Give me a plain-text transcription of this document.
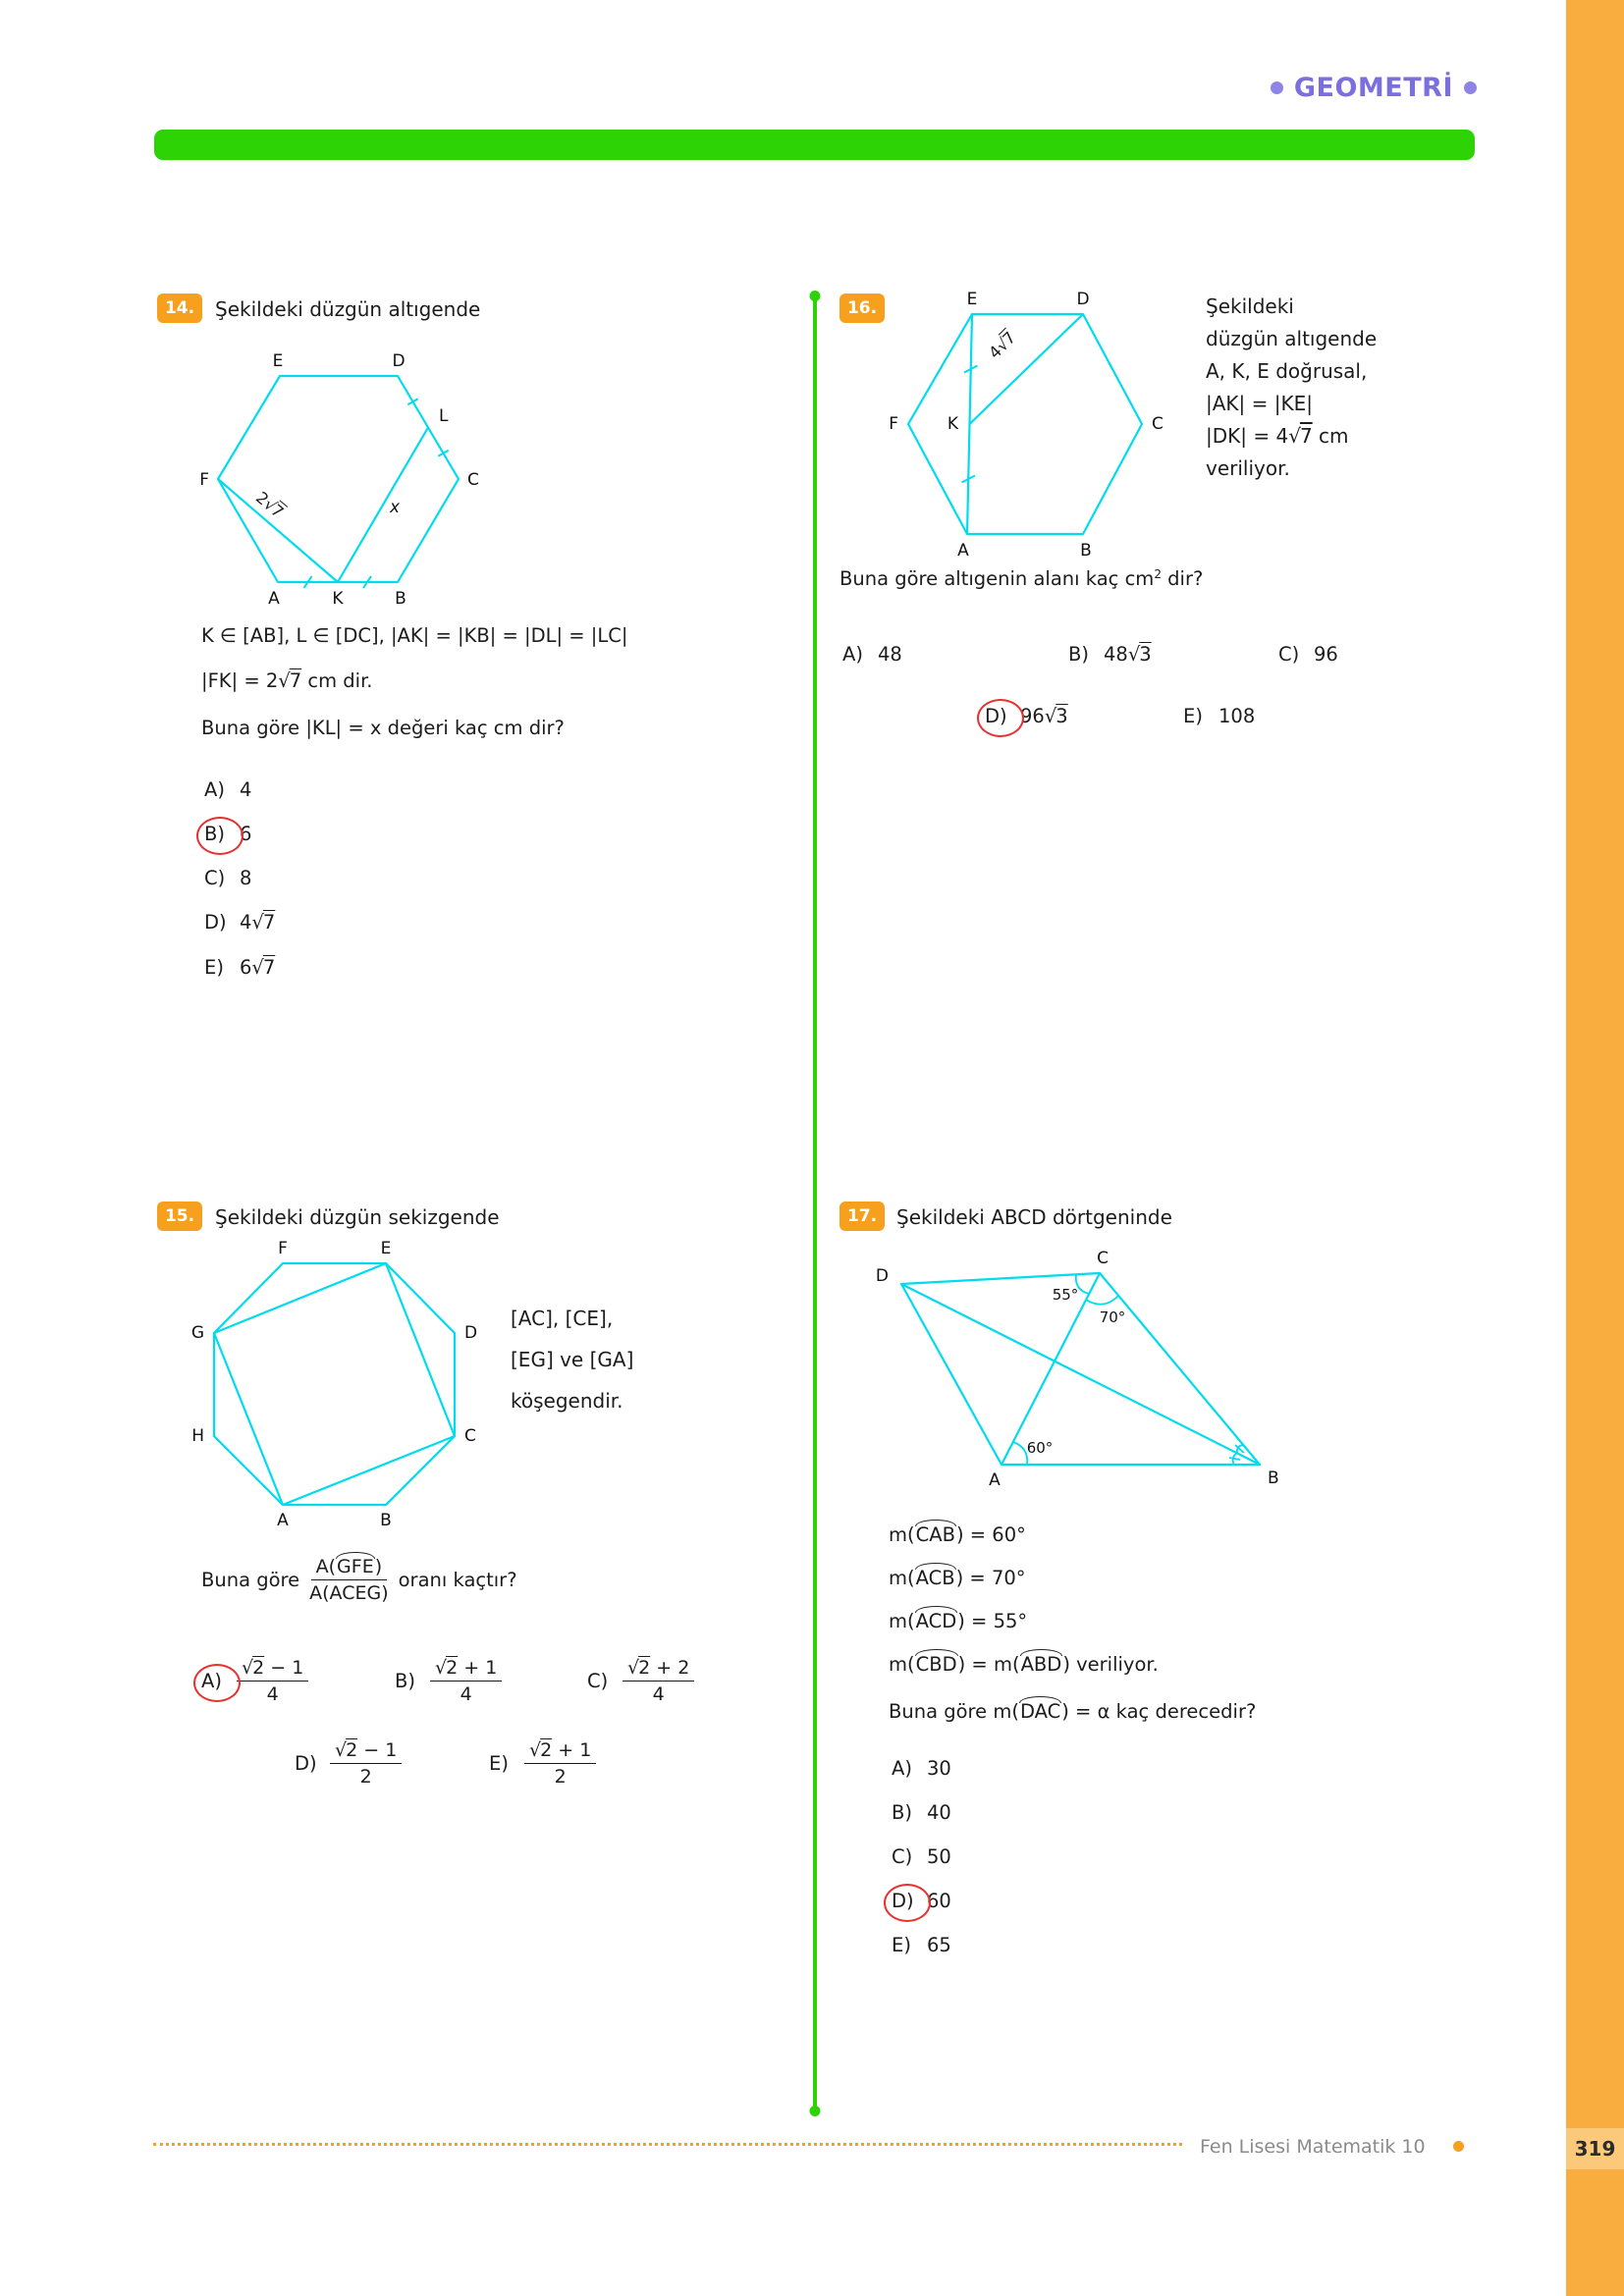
GEOMETRİ
14.	Şekildeki düzgün altıgende
E	D
L
F	C
A	K	B
x
2√ 7
K ∈ [AB], L ∈ [DC], |AK| = |KB| = |DL| = |LC|
|FK| = 2 √ 7 cm dir.
Buna göre |KL| = x değeri kaç cm dir?
A) 4
B) 6
C) 8
D) 4 √ 7
E) 6 √ 7
15.	Şekildeki düzgün sekizgende
F	E
G	D
H	C
A	B
[AC], [CE],
[EG] ve [GA]
köşegendir.
Buna göre $\frac{\text{A(GFE)}}{\text{A(ACEG)}}$ oranı kaçtır?
A) √ $\frac{2 - 1}{4}$	B) √ $\frac{2 + 1}{4}$	C) √ $\frac{2 + 2}{4}$
D) √ $\frac{2 - 1}{2}$	E) √ $\frac{2 + 1}{2}$
16.	E	D
F	K	C
A	B
4√ 7
Şekildeki
düzgün altıgende
A, K, E doğrusal,
|AK| = |KE|
|DK| = 4 √ 7 cm
veriliyor.
Buna göre altıgenin alanı kaç $cm^2$ dir?
A) 48	B) 48 √ 3	C) 96
D) 96 √ 3	E) 108
17. Şekildeki ABCD dörtgeninde
D
C
A	B
55°
70°
60°
m(CAB) = 60°
m(ACB) = 70°
m(ACD) = 55°
m(CBD) = m(ABD) veriliyor.
Buna göre m(DAC) = α kaç derecedir?
A) 30
B) 40
C) 50
D) 60
E) 65
Fen Lisesi Matematik 10	319
